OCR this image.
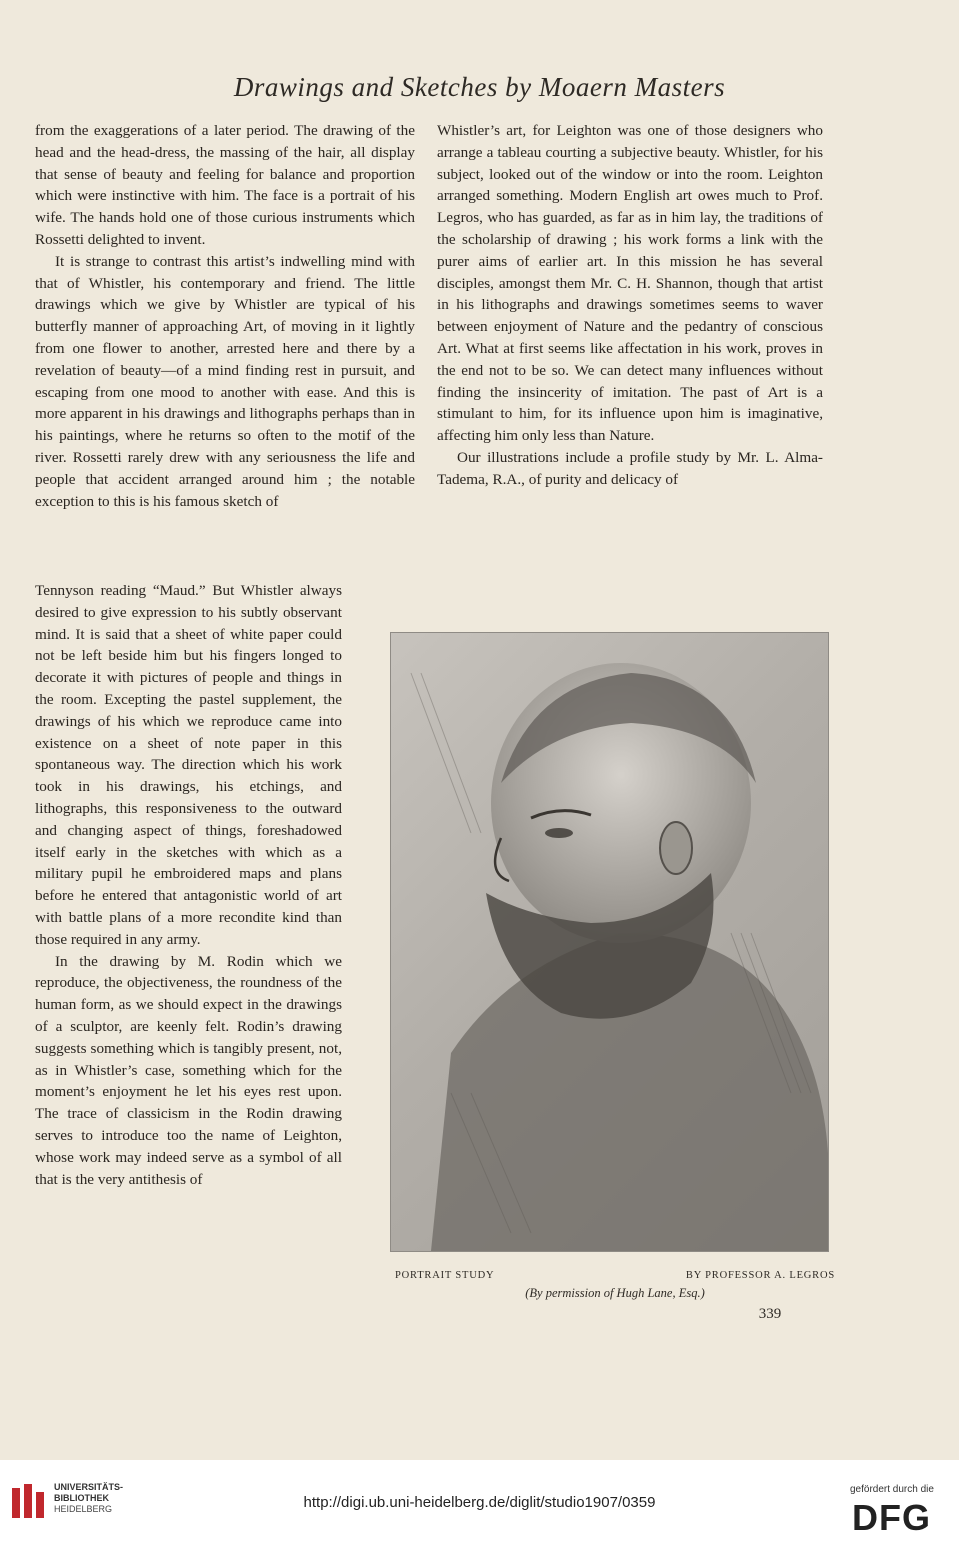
Drawings and Sketches by Moaern Masters

from the exaggerations of a later period. The drawing of the head and the head-dress, the massing of the hair, all display that sense of beauty and feeling for balance and proportion which were instinctive with him. The face is a portrait of his wife. The hands hold one of those curious instruments which Rossetti delighted to invent.

It is strange to contrast this artist’s indwelling mind with that of Whistler, his contemporary and friend. The little drawings which we give by Whistler are typical of his butterfly manner of approaching Art, of moving in it lightly from one flower to another, arrested here and there by a revelation of beauty—of a mind finding rest in pursuit, and escaping from one mood to another with ease. And this is more apparent in his drawings and lithographs perhaps than in his paintings, where he returns so often to the motif of the river. Rossetti rarely drew with any seriousness the life and people that accident arranged around him ; the notable exception to this is his famous sketch of

Tennyson reading “Maud.” But Whistler always desired to give expression to his subtly observant mind. It is said that a sheet of white paper could not be left beside him but his fingers longed to decorate it with pictures of people and things in the room. Excepting the pastel supplement, the drawings of his which we reproduce came into existence on a sheet of note paper in this spontaneous way. The direction which his work took in his drawings, his etchings, and lithographs, this responsiveness to the outward and changing aspect of things, foreshadowed itself early in the sketches with which as a military pupil he embroidered maps and plans before he entered that antagonistic world of art with battle plans of a more recondite kind than those required in any army.

In the drawing by M. Rodin which we reproduce, the objectiveness, the roundness of the human form, as we should expect in the drawings of a sculptor, are keenly felt. Rodin’s drawing suggests something which is tangibly present, not, as in Whistler’s case, something which for the moment’s enjoyment he let his eyes rest upon. The trace of classicism in the Rodin drawing serves to introduce too the name of Leighton, whose work may indeed serve as a symbol of all that is the very antithesis of

Whistler’s art, for Leighton was one of those designers who arrange a tableau courting a subjective beauty. Whistler, for his subject, looked out of the window or into the room. Leighton arranged something. Modern English art owes much to Prof. Legros, who has guarded, as far as in him lay, the traditions of the scholarship of drawing ; his work forms a link with the purer aims of earlier art. In this mission he has several disciples, amongst them Mr. C. H. Shannon, though that artist in his lithographs and drawings sometimes seems to waver between enjoyment of Nature and the pedantry of conscious Art. What at first seems like affectation in his work, proves in the end not to be so. We can detect many influences without finding the insincerity of imitation. The past of Art is a stimulant to him, for its influence upon him is imaginative, affecting him only less than Nature.

Our illustrations include a profile study by Mr. L. Alma-Tadema, R.A., of purity and delicacy of

PORTRAIT STUDY	BY PROFESSOR A. LEGROS
(By permission of Hugh Lane, Esq.)
339
UNIVERSITÄTS-
BIBLIOTHEK
HEIDELBERG	http://digi.ub.uni-heidelberg.de/diglit/studio1907/0359
gefördert durch die
DFG
